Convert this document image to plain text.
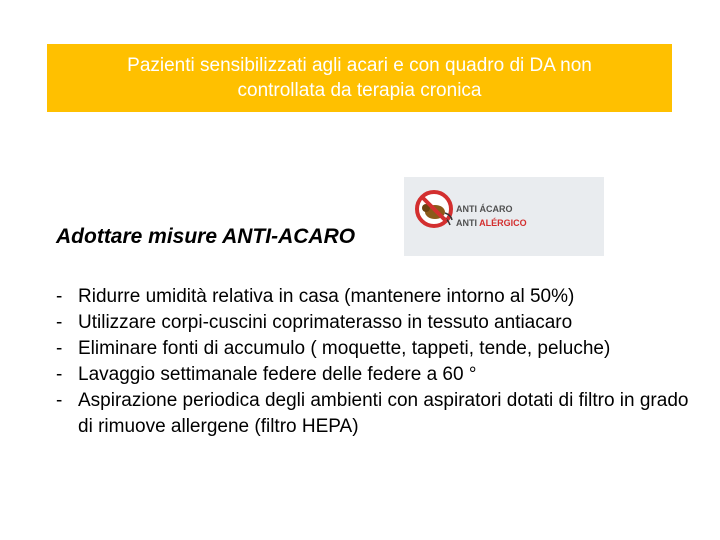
Pazienti sensibilizzati agli acari e con quadro di DA non
controllata da terapia cronica
Adottare misure ANTI-ACARO
ANTI ÁCARO
ANTI ALÉRGICO
- Ridurre umidità relativa in casa (mantenere intorno al 50%)
- Utilizzare corpi-cuscini coprimaterasso in tessuto antiacaro
- Eliminare fonti di accumulo ( moquette, tappeti, tende, peluche)
- Lavaggio settimanale federe delle federe a 60 °
- Aspirazione periodica degli ambienti con aspiratori dotati di filtro in grado di rimuove allergene (filtro HEPA)
